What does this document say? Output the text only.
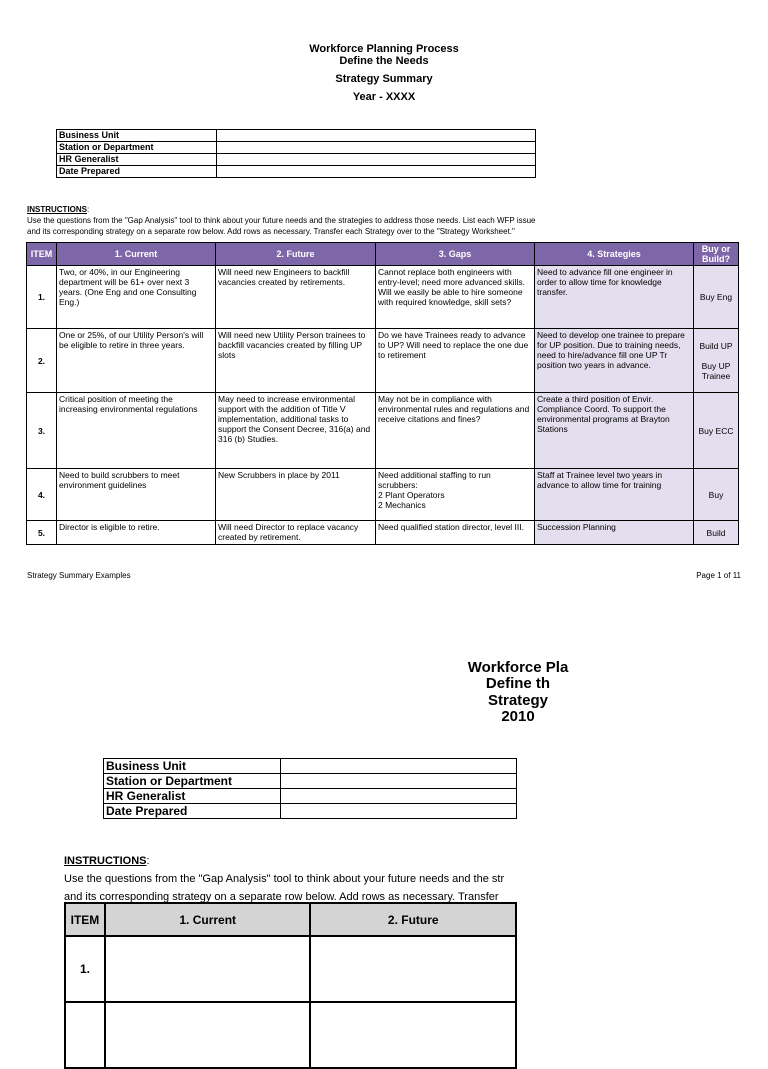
Workforce Planning Process
Define the Needs
Strategy Summary
Year - XXXX
Business Unit	
Station or Department	
HR Generalist	
Date Prepared	
INSTRUCTIONS:
Use the questions from the "Gap Analysis" tool to think about your future needs and the strategies to address those needs. List each WFP issue
and its corresponding strategy on a separate row below. Add rows as necessary. Transfer each Strategy over to the "Strategy Worksheet."
ITEM	1. Current	2. Future	3. Gaps	4. Strategies	Buy or Build?
1.	Two, or 40%, in our Engineering department will be 61+ over next 3 years. (One Eng and one Consulting Eng.)	Will need new Engineers to backfill vacancies created by retirements.	Cannot replace both engineers with entry-level; need more advanced skills. Will we easily be able to hire someone with required knowledge, skill sets?	Need to advance fill one engineer in order to allow time for knowledge transfer.	Buy Eng
2.	One or 25%, of our Utility Person's will be eligible to retire in three years.	Will need new Utility Person trainees to backfill vacancies created by filling UP slots	Do we have Trainees ready to advance to UP? Will need to replace the one due to retirement	Need to develop one trainee to prepare for UP position. Due to training needs, need to hire/advance fill one UP Tr position two years in advance.	Build UP

Buy UP Trainee
3.	Critical position of meeting the increasing environmental regulations	May need to increase environmental support with the addition of Title V implementation, additional tasks to support the Consent Decree, 316(a) and 316 (b) Studies.	May not be in compliance with environmental rules and regulations and receive citations and fines?	Create a third position of Envir. Compliance Coord. To support the environmental programs at Brayton Stations	Buy ECC
4.	Need to build scrubbers to meet environment guidelines	New Scrubbers in place by 2011	Need additional staffing to run scrubbers:
2 Plant Operators
2 Mechanics	Staff at Trainee level two years in advance to allow time for training	Buy
5.	Director is eligible to retire.	Will need Director to replace vacancy created by retirement.	Need qualified station director, level III.	Succession Planning	Build
Strategy Summary Examples	Page 1 of 11
Workforce Pla
Define th
Strategy
2010
Business Unit	
Station or Department	
HR Generalist	
Date Prepared	
INSTRUCTIONS:
Use the questions from the "Gap Analysis" tool to think about your future needs and the str
and its corresponding strategy on a separate row below. Add rows as necessary. Transfer
ITEM	1. Current	2. Future
1.		
